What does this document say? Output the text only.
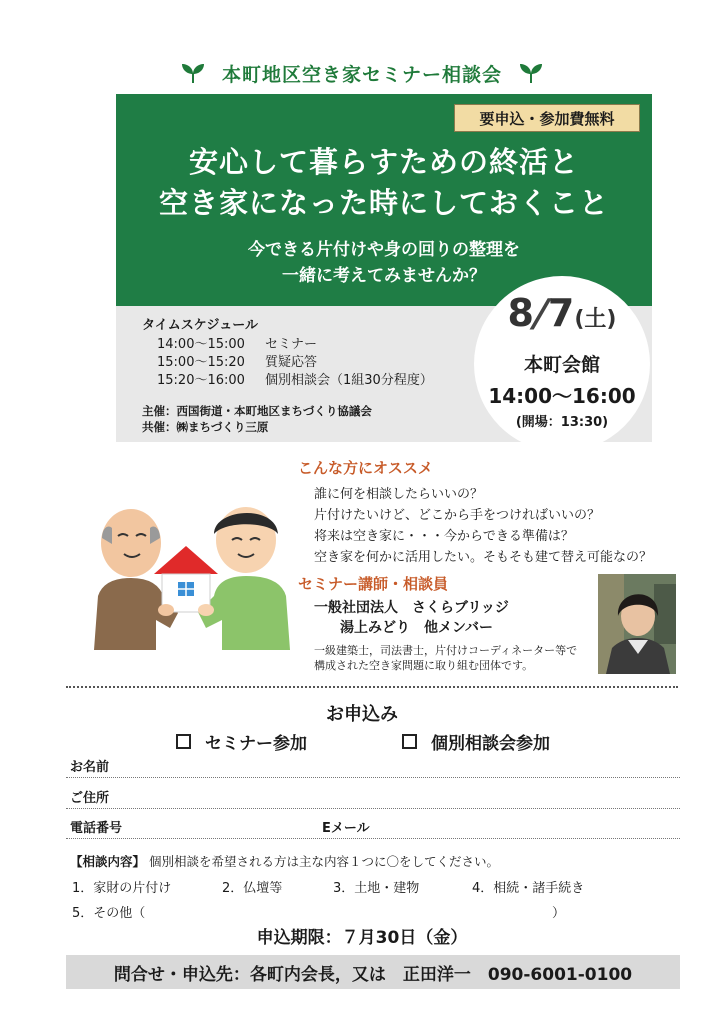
本町地区空き家セミナー相談会
要申込・参加費無料
安心して暮らすための終活と
空き家になった時にしておくこと
今できる片付けや身の回りの整理を
一緒に考えてみませんか？
タイムスケジュール
14:00〜15:00	セミナー
15:00〜15:20	質疑応答
15:20〜16:00	個別相談会（1組30分程度）
主催：西国街道・本町地区まちづくり協議会
共催：㈱まちづくり三原
8/7(土)
本町会館
14:00〜16:00
(開場：13:30)
こんな方にオススメ
誰に何を相談したらいいの？
片付けたいけど、どこから手をつければいいの？
将来は空き家に・・・今からできる準備は？
空き家を何かに活用したい。そもそも建て替え可能なの？
セミナー講師・相談員
一般社団法人　さくらブリッジ
湯上みどり　他メンバー
一級建築士，司法書士，片付けコーディネーター等で
構成された空き家問題に取り組む団体です。
お申込み
セミナー参加	個別相談会参加
お名前
ご住所
電話番号	Eメール
【相談内容】 個別相談を希望される方は主な内容１つに〇をしてください。
1．家財の片付け	2．仏壇等	3．土地・建物	4．相続・諸手続き
5．その他（	）
申込期限：７月30日（金）
問合せ・申込先：各町内会長，又は　正田洋一　090-6001-0100
